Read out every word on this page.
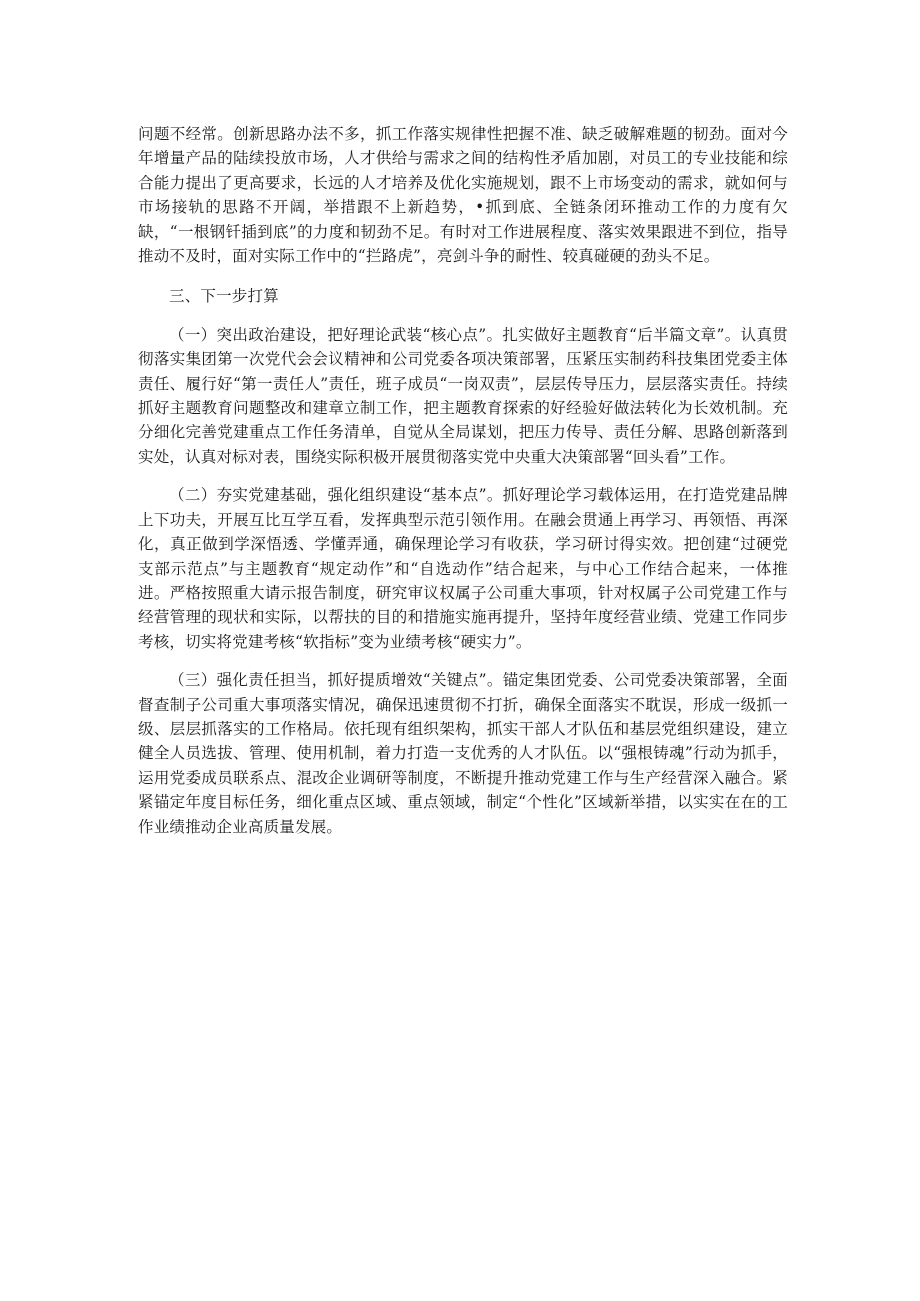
问题不经常。创新思路办法不多，抓工作落实规律性把握不准、缺乏破解难题的韧劲。面对今年增量产品的陆续投放市场，人才供给与需求之间的结构性矛盾加剧，对员工的专业技能和综合能力提出了更高要求，长远的人才培养及优化实施规划，跟不上市场变动的需求，就如何与市场接轨的思路不开阔，举措跟不上新趋势，•抓到底、全链条闭环推动工作的力度有欠缺，“一根钢钎插到底”的力度和韧劲不足。有时对工作进展程度、落实效果跟进不到位，指导推动不及时，面对实际工作中的“拦路虎”，亮剑斗争的耐性、较真碰硬的劲头不足。

三、下一步打算

（一）突出政治建设，把好理论武装“核心点”。扎实做好主题教育“后半篇文章”。认真贯彻落实集团第一次党代会会议精神和公司党委各项决策部署，压紧压实制药科技集团党委主体责任、履行好“第一责任人”责任，班子成员“一岗双责”，层层传导压力，层层落实责任。持续抓好主题教育问题整改和建章立制工作，把主题教育探索的好经验好做法转化为长效机制。充分细化完善党建重点工作任务清单，自觉从全局谋划，把压力传导、责任分解、思路创新落到实处，认真对标对表，围绕实际积极开展贯彻落实党中央重大决策部署“回头看”工作。

（二）夯实党建基础，强化组织建设“基本点”。抓好理论学习载体运用，在打造党建品牌上下功夫，开展互比互学互看，发挥典型示范引领作用。在融会贯通上再学习、再领悟、再深化，真正做到学深悟透、学懂弄通，确保理论学习有收获，学习研讨得实效。把创建“过硬党支部示范点”与主题教育“规定动作”和“自选动作”结合起来，与中心工作结合起来，一体推进。严格按照重大请示报告制度，研究审议权属子公司重大事项，针对权属子公司党建工作与经营管理的现状和实际，以帮扶的目的和措施实施再提升，坚持年度经营业绩、党建工作同步考核，切实将党建考核“软指标”变为业绩考核“硬实力”。

（三）强化责任担当，抓好提质增效“关键点”。锚定集团党委、公司党委决策部署，全面督查制子公司重大事项落实情况，确保迅速贯彻不打折，确保全面落实不耽误，形成一级抓一级、层层抓落实的工作格局。依托现有组织架构，抓实干部人才队伍和基层党组织建设，建立健全人员选拔、管理、使用机制，着力打造一支优秀的人才队伍。以“强根铸魂”行动为抓手，运用党委成员联系点、混改企业调研等制度，不断提升推动党建工作与生产经营深入融合。紧紧锚定年度目标任务，细化重点区域、重点领域，制定“个性化”区域新举措，以实实在在的工作业绩推动企业高质量发展。
